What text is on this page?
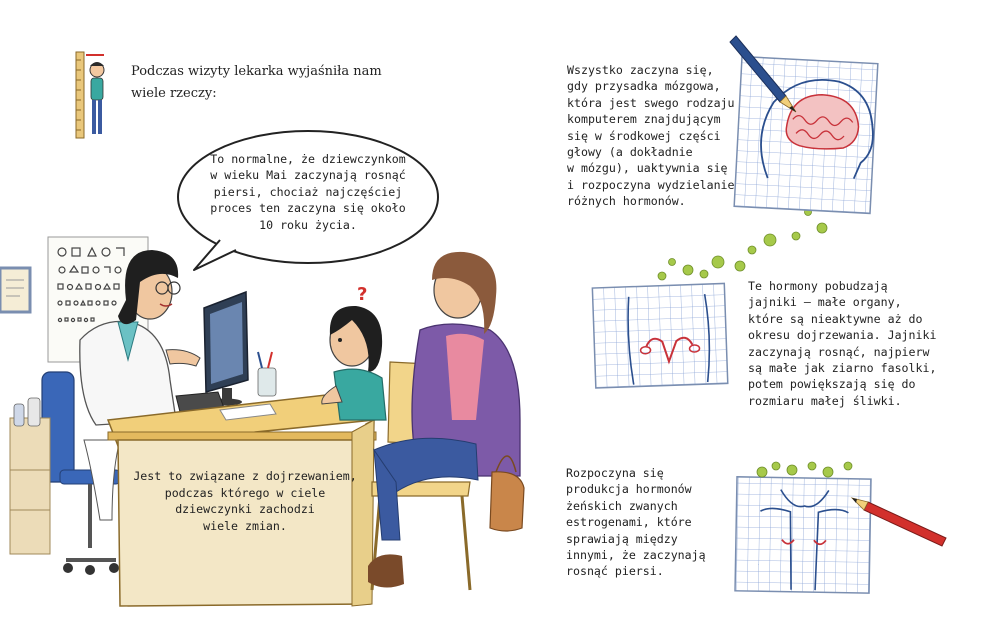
Podczas wizyty lekarka wyjaśniła nam
wiele rzeczy:
To normalne, że dziewczynkom
w wieku Mai zaczynają rosnąć
piersi, chociaż najczęściej
proces ten zaczyna się około
10 roku życia.
?
Jest to związane z dojrzewaniem,
podczas którego w ciele
dziewczynki zachodzi
wiele zmian.
Wszystko zaczyna się,
gdy przysadka mózgowa,
która jest swego rodzaju
komputerem znajdującym
się w środkowej części
głowy (a dokładnie
w mózgu), uaktywnia się
i rozpoczyna wydzielanie
różnych hormonów.
Te hormony pobudzają
jajniki – małe organy,
które są nieaktywne aż do
okresu dojrzewania. Jajniki
zaczynają rosnąć, najpierw
są małe jak ziarno fasolki,
potem powiększają się do
rozmiaru małej śliwki.
Rozpoczyna się
produkcja hormonów
żeńskich zwanych
estrogenami, które
sprawiają między
innymi, że zaczynają
rosnąć piersi.
